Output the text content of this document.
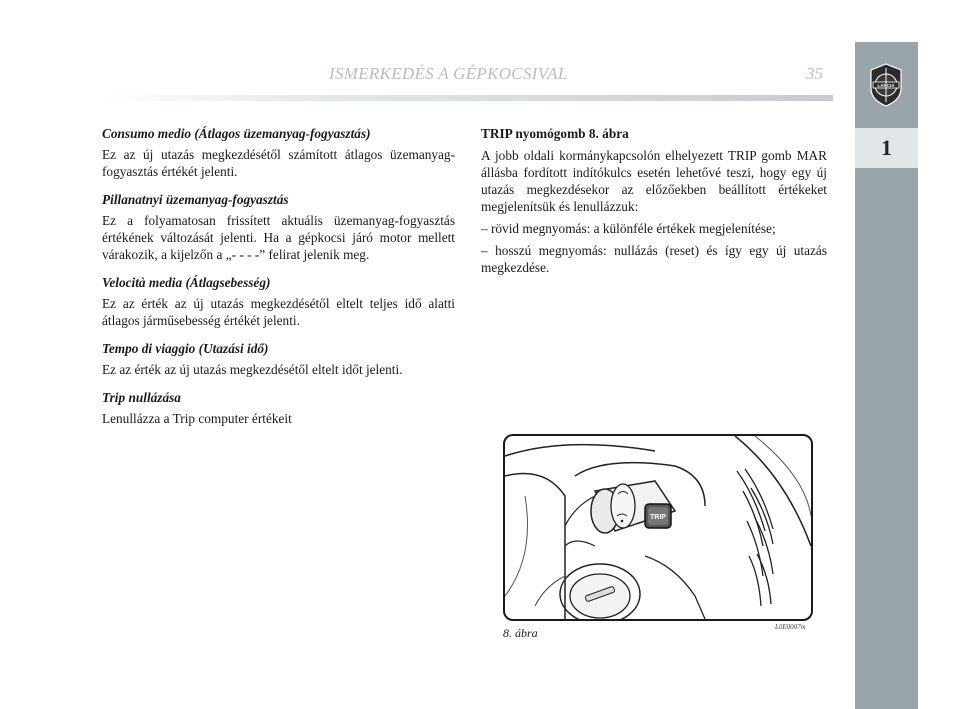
ISMERKEDÉS A GÉPKOCSIVAL	35
LANCIA
1
Consumo medio (Átlagos üzemanyag-fogyasztás)

Ez az új utazás megkezdésétől számított átlagos üzemanyag-fogyasztás értékét jelenti.

Pillanatnyi üzemanyag-fogyasztás

Ez a folyamatosan frissített aktuális üzemanyag-fogyasztás értékének változását jelenti. Ha a gépkocsi járó motor mellett várakozik, a kijelzőn a „- - - -” felirat jelenik meg.

Velocità media (Átlagsebesség)

Ez az érték az új utazás megkezdésétől eltelt teljes idő alatti átlagos járműsebesség értékét jelenti.

Tempo di viaggio (Utazási idő)

Ez az érték az új utazás megkezdésétől eltelt időt jelenti.

Trip nullázása

Lenullázza a Trip computer értékeit

TRIP nyomógomb 8. ábra

A jobb oldali kormánykapcsolón elhelyezett TRIP gomb MAR állásba fordított indítókulcs esetén lehetővé teszi, hogy egy új utazás megkezdésekor az előzőekben beállított értékeket megjelenítsük és lenullázzuk:

– rövid megnyomás: a különféle értékek megjelenítése;

– hosszú megnyomás: nullázás (reset) és így egy új utazás megkezdése.

TRIP
8. ábra	L0E0007m
